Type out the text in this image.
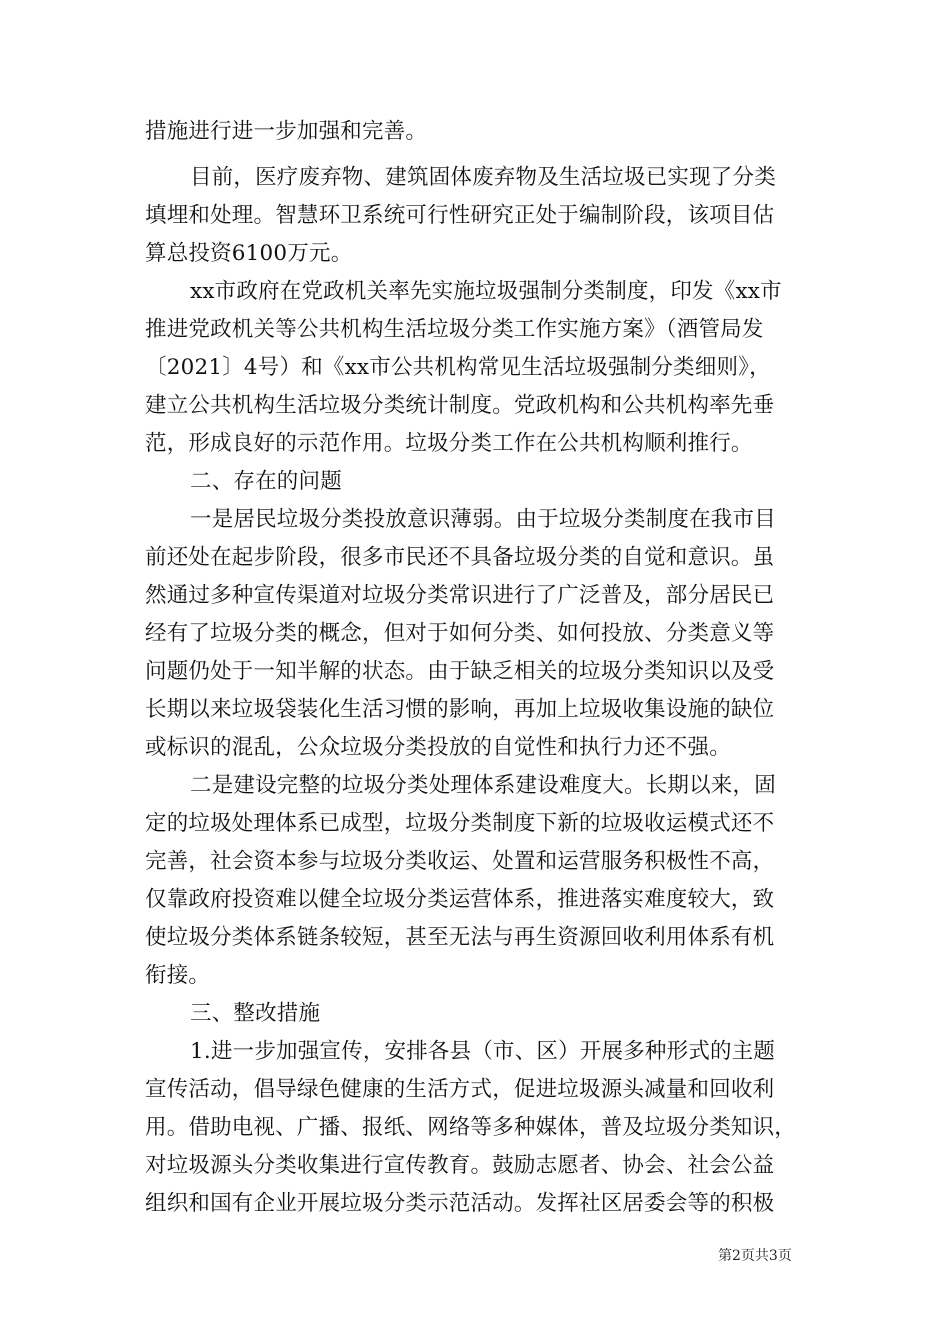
措施进行进一步加强和完善。
目前，医疗废弃物、建筑固体废弃物及生活垃圾已实现了分类
填埋和处理。智慧环卫系统可行性研究正处于编制阶段，该项目估
算总投资6100万元。
xx市政府在党政机关率先实施垃圾强制分类制度，印发《xx市
推进党政机关等公共机构生活垃圾分类工作实施方案》（酒管局发
〔2021〕4号）和《xx市公共机构常见生活垃圾强制分类细则》，
建立公共机构生活垃圾分类统计制度。党政机构和公共机构率先垂
范，形成良好的示范作用。垃圾分类工作在公共机构顺利推行。
二、存在的问题
一是居民垃圾分类投放意识薄弱。由于垃圾分类制度在我市目
前还处在起步阶段，很多市民还不具备垃圾分类的自觉和意识。虽
然通过多种宣传渠道对垃圾分类常识进行了广泛普及，部分居民已
经有了垃圾分类的概念，但对于如何分类、如何投放、分类意义等
问题仍处于一知半解的状态。由于缺乏相关的垃圾分类知识以及受
长期以来垃圾袋装化生活习惯的影响，再加上垃圾收集设施的缺位
或标识的混乱，公众垃圾分类投放的自觉性和执行力还不强。
二是建设完整的垃圾分类处理体系建设难度大。长期以来，固
定的垃圾处理体系已成型，垃圾分类制度下新的垃圾收运模式还不
完善，社会资本参与垃圾分类收运、处置和运营服务积极性不高，
仅靠政府投资难以健全垃圾分类运营体系，推进落实难度较大，致
使垃圾分类体系链条较短，甚至无法与再生资源回收利用体系有机
衔接。
三、整改措施
1.进一步加强宣传，安排各县（市、区）开展多种形式的主题
宣传活动，倡导绿色健康的生活方式，促进垃圾源头减量和回收利
用。借助电视、广播、报纸、网络等多种媒体，普及垃圾分类知识，
对垃圾源头分类收集进行宣传教育。鼓励志愿者、协会、社会公益
组织和国有企业开展垃圾分类示范活动。发挥社区居委会等的积极
第2页共3页
